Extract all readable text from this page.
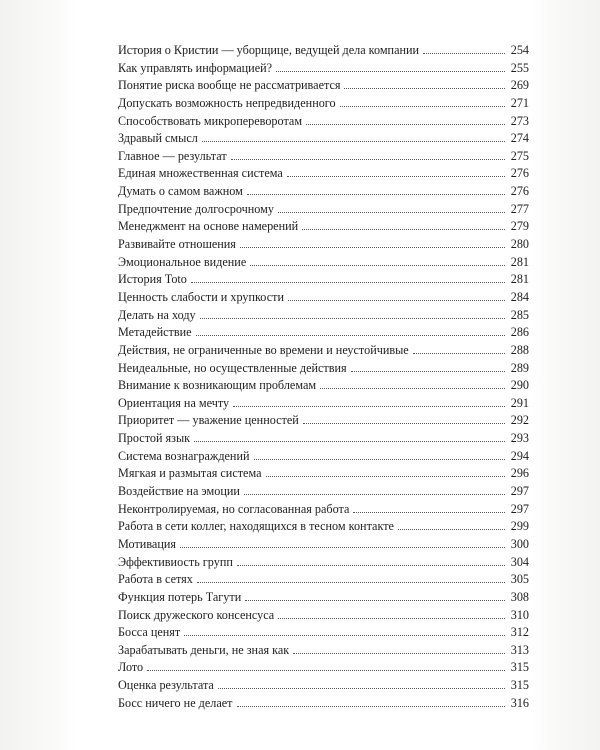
История о Кристии — уборщице, ведущей дела компании	254
Как управлять информацией?	255
Понятие риска вообще не рассматривается	269
Допускать возможность непредвиденного	271
Способствовать микропереворотам	273
Здравый смысл	274
Главное — результат	275
Единая множественная система	276
Думать о самом важном	276
Предпочтение долгосрочному	277
Менеджмент на основе намерений	279
Развивайте отношения	280
Эмоциональное видение	281
История Toto	281
Ценность слабости и хрупкости	284
Делать на ходу	285
Метадействие	286
Действия, не ограниченные во времени и неустойчивые	288
Неидеальные, но осуществленные действия	289
Внимание к возникающим проблемам	290
Ориентация на мечту	291
Приоритет — уважение ценностей	292
Простой язык	293
Система вознаграждений	294
Мягкая и размытая система	296
Воздействие на эмоции	297
Неконтролируемая, но согласованная работа	297
Работа в сети коллег, находящихся в тесном контакте	299
Мотивация	300
Эффективиость групп	304
Работа в сетях	305
Функция потерь Тагути	308
Поиск дружеского консенсуса	310
Босса ценят	312
Зарабатывать деньги, не зная как	313
Лото	315
Оценка результата	315
Босс ничего не делает	316
